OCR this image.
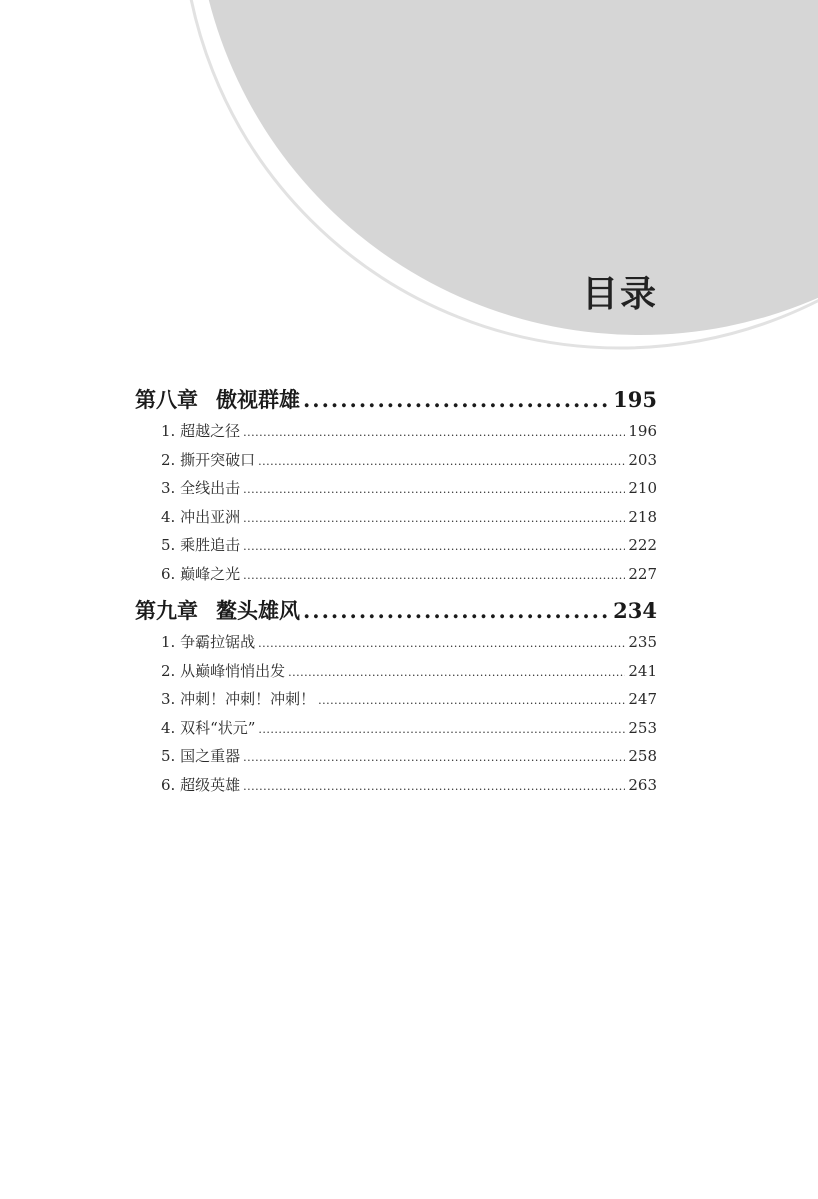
目录
第八章 傲视群雄 .....	195
1. 超越之径 .....	196
2. 撕开突破口 .....	203
3. 全线出击 .....	210
4. 冲出亚洲 .....	218
5. 乘胜追击 .....	222
6. 巅峰之光 .....	227
第九章 鳌头雄风 .....	234
1. 争霸拉锯战 .....	235
2. 从巅峰悄悄出发 .....	241
3. 冲刺！冲刺！冲刺！ .....	247
4. 双科“状元” .....	253
5. 国之重器 .....	258
6. 超级英雄 .....	263
